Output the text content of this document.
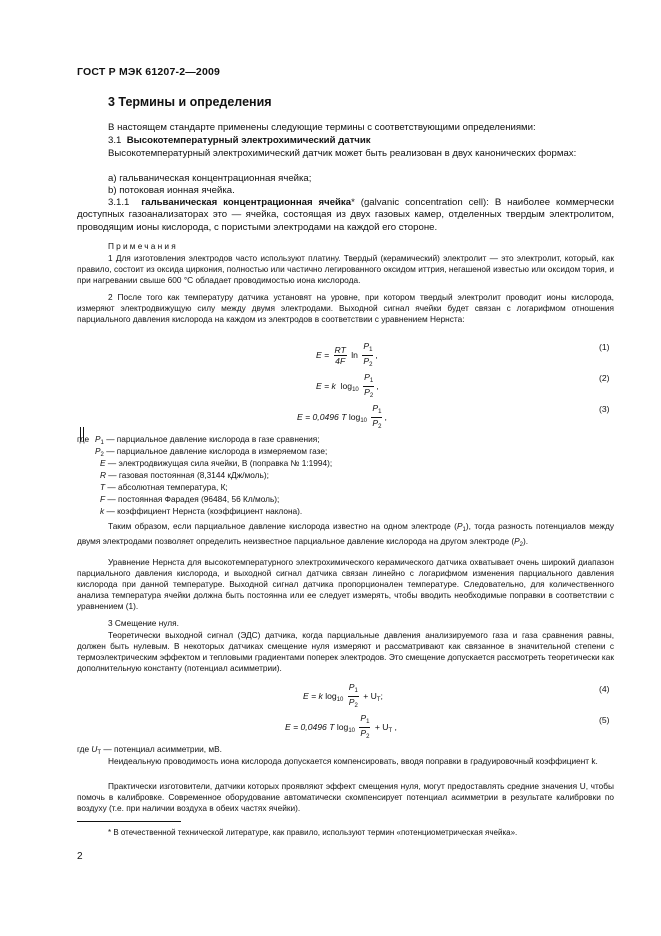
ГОСТ Р МЭК 61207-2—2009
3 Термины и определения
В настоящем стандарте применены следующие термины с соответствующими определениями:
3.1 Высокотемпературный электрохимический датчик
Высокотемпературный электрохимический датчик может быть реализован в двух канонических формах:
a) гальваническая концентрационная ячейка;
b) потоковая ионная ячейка.
3.1.1 гальваническая концентрационная ячейка* (galvanic concentration cell): В наиболее коммерчески доступных газоанализаторах это — ячейка, состоящая из двух газовых камер, отделенных твердым электролитом, проводящим ионы кислорода, с пористыми электродами на каждой его стороне.
Примечания
1 Для изготовления электродов часто используют платину. Твердый (керамический) электролит — это электролит, который, как правило, состоит из оксида циркония, полностью или частично легированного оксидом иттрия, негашеной известью или оксидом тория, и при нагревании свыше 600 °С обладает проводимостью иона кислорода.
2 После того как температуру датчика установят на уровне, при котором твердый электролит проводит ионы кислорода, измеряют электродвижущую силу между двумя электродами. Выходной сигнал ячейки будет связан с логарифмом отношения парциального давления кислорода на каждом из электродов в соответствии с уравнением Нернста:
$E = \frac{RT}{4F}$ $\ln \frac{P_1}{P_2}$ ,
(1)
E = k $\log_{10} \frac{P_1}{P_2}$ ,
(2)
E = 0,0496 T $\log_{10} \frac{P_1}{P_2}$ ,
(3)
где $P_1$ — парциальное давление кислорода в газе сравнения;
$P_2$ — парциальное давление кислорода в измеряемом газе;
E — электродвижущая сила ячейки, В (поправка № 1:1994);
R — газовая постоянная (8,3144 кДж/моль);
T — абсолютная температура, К;
F — постоянная Фарадея (96484, 56 Кл/моль);
k — коэффициент Нернста (коэффициент наклона).
Таким образом, если парциальное давление кислорода известно на одном электроде $(P_1)$, тогда разность потенциалов между двумя электродами позволяет определить неизвестное парциальное давление кислорода на другом электроде $(P_2)$.
Уравнение Нернста для высокотемпературного электрохимического керамического датчика охватывает очень широкий диапазон парциального давления кислорода, и выходной сигнал датчика связан линейно с логарифмом изменения парциального давления кислорода при данной температуре. Выходной сигнал датчика пропорционален температуре. Следовательно, для количественного анализа температура ячейки должна быть постоянна или ее следует измерять, чтобы вводить необходимые поправки в соответствии с уравнением (1).
3 Смещение нуля.
Теоретически выходной сигнал (ЭДС) датчика, когда парциальные давления анализируемого газа и газа сравнения равны, должен быть нулевым. В некоторых датчиках смещение нуля измеряют и рассматривают как связанное в значительной степени с термоэлектрическим эффектом и тепловыми градиентами поперек электродов. Это смещение допускается рассмотреть теоретически как дополнительную константу (потенциал асимметрии).
E = k $\log_{10} \frac{P_1}{P_2} + U_T$;
(4)
E = 0,0496 T $\log_{10} \frac{P_1}{P_2} + U_T$ ,
(5)
где $U_T$ — потенциал асимметрии, мВ.
Неидеальную проводимость иона кислорода допускается компенсировать, вводя поправки в градуировочный коэффициент k.
Практически изготовители, датчики которых проявляют эффект смещения нуля, могут предоставлять средние значения U, чтобы помочь в калибровке. Современное оборудование автоматически скомпенсирует потенциал асимметрии в результате калибровки по воздуху (т.е. при наличии воздуха в обеих частях ячейки).
* В отечественной технической литературе, как правило, используют термин «потенциометрическая ячейка».
2
